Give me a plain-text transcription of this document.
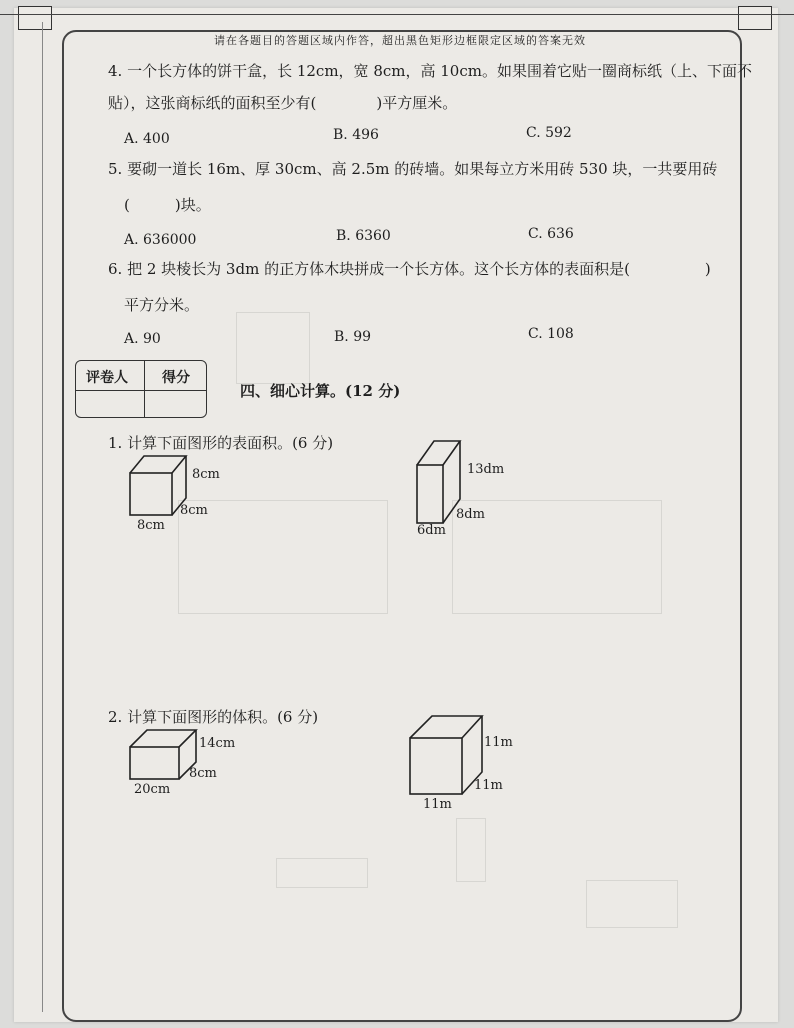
请在各题目的答题区域内作答，超出黑色矩形边框限定区域的答案无效
4. 一个长方体的饼干盒，长 12cm，宽 8cm，高 10cm。如果围着它贴一圈商标纸（上、下面不
贴），这张商标纸的面积至少有(　　　　)平方厘米。
A. 400	B. 496	C. 592
5. 要砌一道长 16m、厚 30cm、高 2.5m 的砖墙。如果每立方米用砖 530 块，一共要用砖
(　　　)块。
A. 636000	B. 6360	C. 636
6. 把 2 块棱长为 3dm 的正方体木块拼成一个长方体。这个长方体的表面积是(　　　　　)
平方分米。
A. 90	B. 99	C. 108
评卷人 得分
四、细心计算。(12 分)
1. 计算下面图形的表面积。(6 分)
8cm
8cm
8cm
13dm
8dm
6dm
2. 计算下面图形的体积。(6 分)
14cm
8cm
20cm
11m
11m
11m
